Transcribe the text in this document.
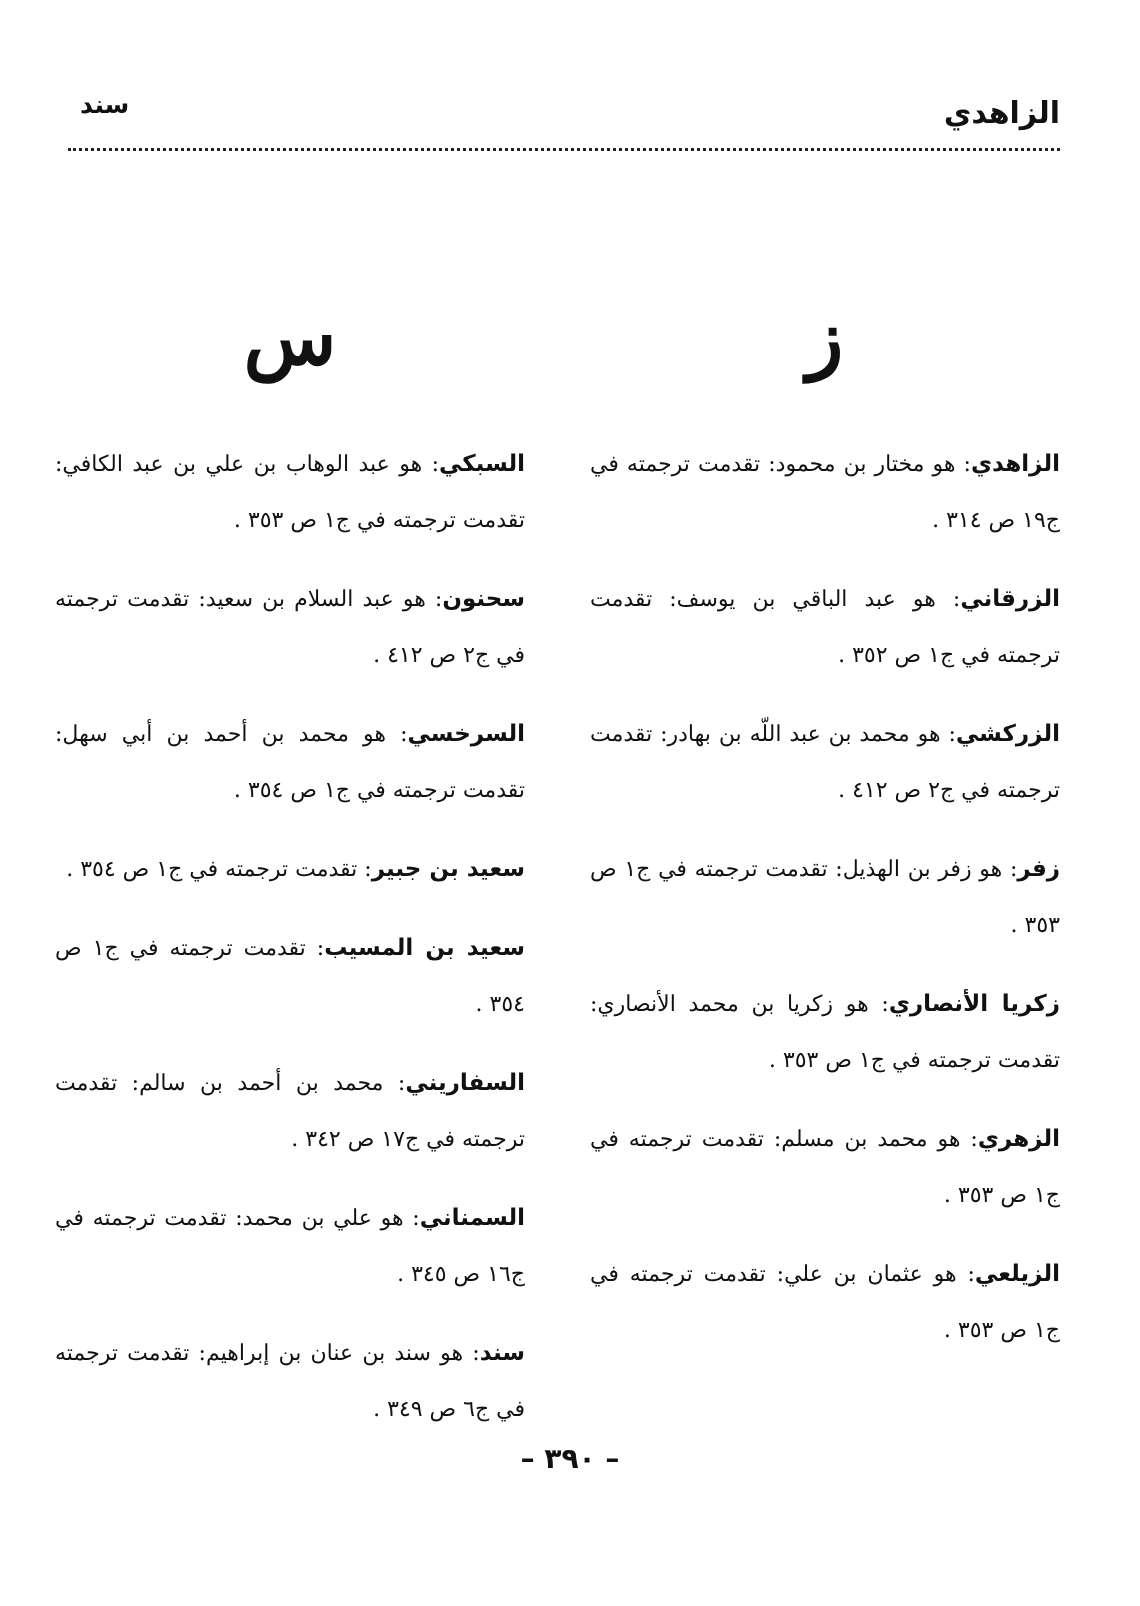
الزاهدي
سند
ز

الزاهدي: هو مختار بن محمود: تقدمت ترجمته في ج١٩ ص ٣١٤ .

الزرقاني: هو عبد الباقي بن يوسف: تقدمت ترجمته في ج١ ص ٣٥٢ .

الزركشي: هو محمد بن عبد اللّه بن بهادر: تقدمت ترجمته في ج٢ ص ٤١٢ .

زفر: هو زفر بن الهذيل: تقدمت ترجمته في ج١ ص ٣٥٣ .

زكريا الأنصاري: هو زكريا بن محمد الأنصاري: تقدمت ترجمته في ج١ ص ٣٥٣ .

الزهري: هو محمد بن مسلم: تقدمت ترجمته في ج١ ص ٣٥٣ .

الزيلعي: هو عثمان بن علي: تقدمت ترجمته في ج١ ص ٣٥٣ .

س

السبكي: هو عبد الوهاب بن علي بن عبد الكافي: تقدمت ترجمته في ج١ ص ٣٥٣ .

سحنون: هو عبد السلام بن سعيد: تقدمت ترجمته في ج٢ ص ٤١٢ .

السرخسي: هو محمد بن أحمد بن أبي سهل: تقدمت ترجمته في ج١ ص ٣٥٤ .

سعيد بن جبير: تقدمت ترجمته في ج١ ص ٣٥٤ .

سعيد بن المسيب: تقدمت ترجمته في ج١ ص ٣٥٤ .

السفاريني: محمد بن أحمد بن سالم: تقدمت ترجمته في ج١٧ ص ٣٤٢ .

السمناني: هو علي بن محمد: تقدمت ترجمته في ج١٦ ص ٣٤٥ .

سند: هو سند بن عنان بن إبراهيم: تقدمت ترجمته في ج٦ ص ٣٤٩ .

– ٣٩٠ –
